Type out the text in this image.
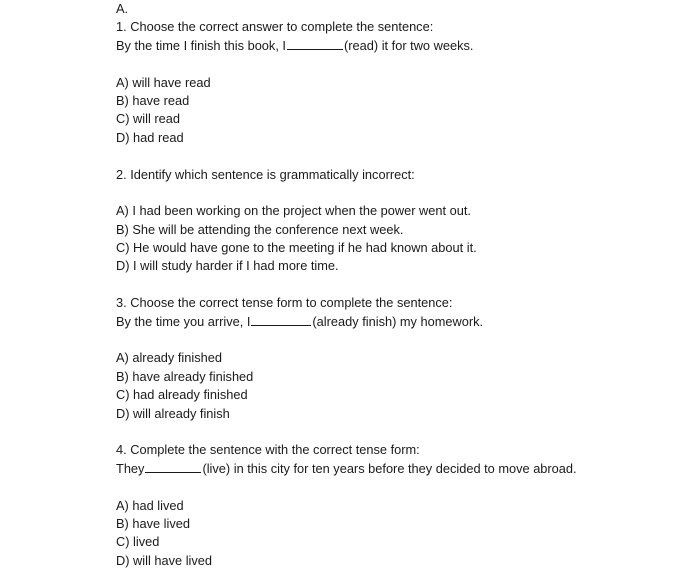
A.
1. Choose the correct answer to complete the sentence:
By the time I finish this book, I	(read) it for two weeks.
A) will have read
B) have read
C) will read
D) had read
2. Identify which sentence is grammatically incorrect:
A) I had been working on the project when the power went out.
B) She will be attending the conference next week.
C) He would have gone to the meeting if he had known about it.
D) I will study harder if I had more time.
3. Choose the correct tense form to complete the sentence:
By the time you arrive, I	(already finish) my homework.
A) already finished
B) have already finished
C) had already finished
D) will already finish
4. Complete the sentence with the correct tense form:
They	(live) in this city for ten years before they decided to move abroad.
A) had lived
B) have lived
C) lived
D) will have lived
